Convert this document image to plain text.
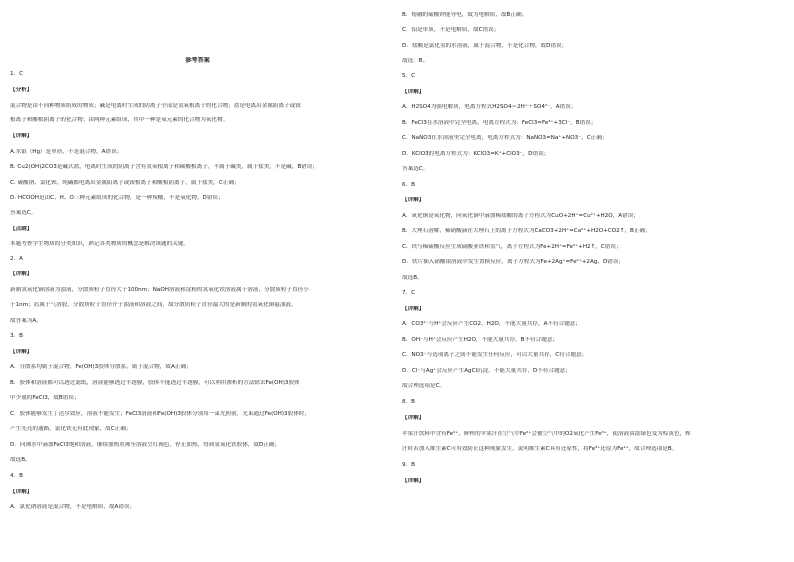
参考答案
1．C
【分析】
混合物是由不同种物质组成的物质；碱是电离时生成的阴离子全部是氢氧根离子的化合物；盐是电离出金属阳离子或铵
根离子和酸根阴离子的化合物；由两种元素组成，其中一种是氧元素的化合物为氧化物。
【详解】
A.水银（Hg）是单质，不是混合物，A错误；
B. Cu2(OH)2CO3是碱式盐，电离时生成的阴离子含有氢氧根离子和碳酸根离子，不属于碱类，属于盐类，不是碱，B错误；
C. 碳酸钠、氯化钡、纯碱都电离出金属阳离子或铵根离子和酸根阴离子，属于盐类，C正确；
D. HCOOH是由C、H、O三种元素组成的化合物，是一种羧酸，不是氧化物，D错误；
答案选C。
【点睛】
本题考查学生物质的分类知识，熟记各类物质的概念是解决该题的关键。
2．A
【详解】
新制氢氧化铜溶液为浊液，分散质粒子直径大于100nm；NaOH溶液和淀粉的氢氧化铁溶液属于溶液，分散质粒子直径小
于1nm；盾属于气溶胶，分散质粒子直径介于浊液和溶液之间，故分散质粒子直径最大的是新制的氢氧化铜悬浊液，
故答案为A。
3．B
【详解】
A．分散系均属于混合物，Fe(OH)3胶体分散系，属于混合物，故A正确；
B．胶体和溶液都可以透过滤纸，溶液能够透过半透膜，胶体不能透过半透膜，可以利用渗析的方法除去Fe(OH)3胶体
中少量的FeCl3，故B错误；
C．胶体能够发生丁达尔效应，溶液不能发生；FeCl3溶液和Fe(OH)3胶体分别用一束光照射，光束通过Fe(OH)3胶体时，
产生光亮的通路，氯化铁无有此现象，故C正确；
D．向沸水中滴加FeCl3饱和溶液，继续加热煮沸至溶液呈红褐色，停止加热，得到氢氧化铁胶体，故D正确；
故选B。
4．B
【详解】
A．氯化钠溶液是混合物，不是电解质，故A错误；
B．熔融的硫酸钾能导电，故为电解质，故B正确；
C．铝是单质，不是电解质，故C错误；
D．盐酸是氯化氢的水溶液，属于混合物，不是化合物，故D错误；
故选：B。
5．C
【详解】
A．H2SO4为强电解质，电离方程式H2SO4＝2H⁺＋SO4²⁻，A错误；
B．FeCl3在水溶液中完全电离，电离方程式为：FeCl3=Fe³⁺+3Cl⁻，B错误；
C．NaNO3在水溶液里完全电离，电离方程式为：NaNO3=Na⁺+NO3⁻，C正确；
D．KClO3的电离方程式为：KClO3=K⁺+ClO3⁻，D错误；
答案选C。
6．B
【详解】
A．氧化铜是氧化物，向氧化铜中滴加稀盐酸的离子方程式为CuO+2H⁺=Cu²⁺+H2O，A错误；
B．大理石溶解，稀硝酸滴在大理石上的离子方程式为CaCO3+2H⁺=Ca²⁺+H2O+CO2↑，B正确；
C．铁与稀硫酸反应生成硫酸亚铁和氢气，离子方程式为Fe+2H⁺=Fe²⁺+H2↑，C错误；
D．铁片插入硝酸银溶液中发生置换反应，离子方程式为Fe+2Ag⁺=Fe²⁺+2Ag，D错误；
故选B。
7．C
【详解】
A．CO3²⁻与H⁺会反应产生CO2、H2O，不能大量共存，A不符合题意；
B．OH⁻与H⁺会反应产生H2O，不能大量共存，B不符合题意；
C．NO3⁻与选项离子之间不能发生任何反应，可以大量共存，C符合题意；
D．Cl⁻与Ag⁺会反应产生AgCl沉淀，不能大量共存，D不符合题意；
故合理选项是C。
8．B
【详解】
苹果汁饮料中含有Fe²⁺，鲜榨的苹果汁在空气中Fe²⁺会被空气中的O2氧化产生Fe³⁺，使溶液由淡绿色变为棕黄色，榨
汁时若加入维生素C可有效防止这种现象发生，说明维生素C具有还原性，将Fe³⁺还原为Fe²⁺，故合理选项是B。
9．B
【详解】
